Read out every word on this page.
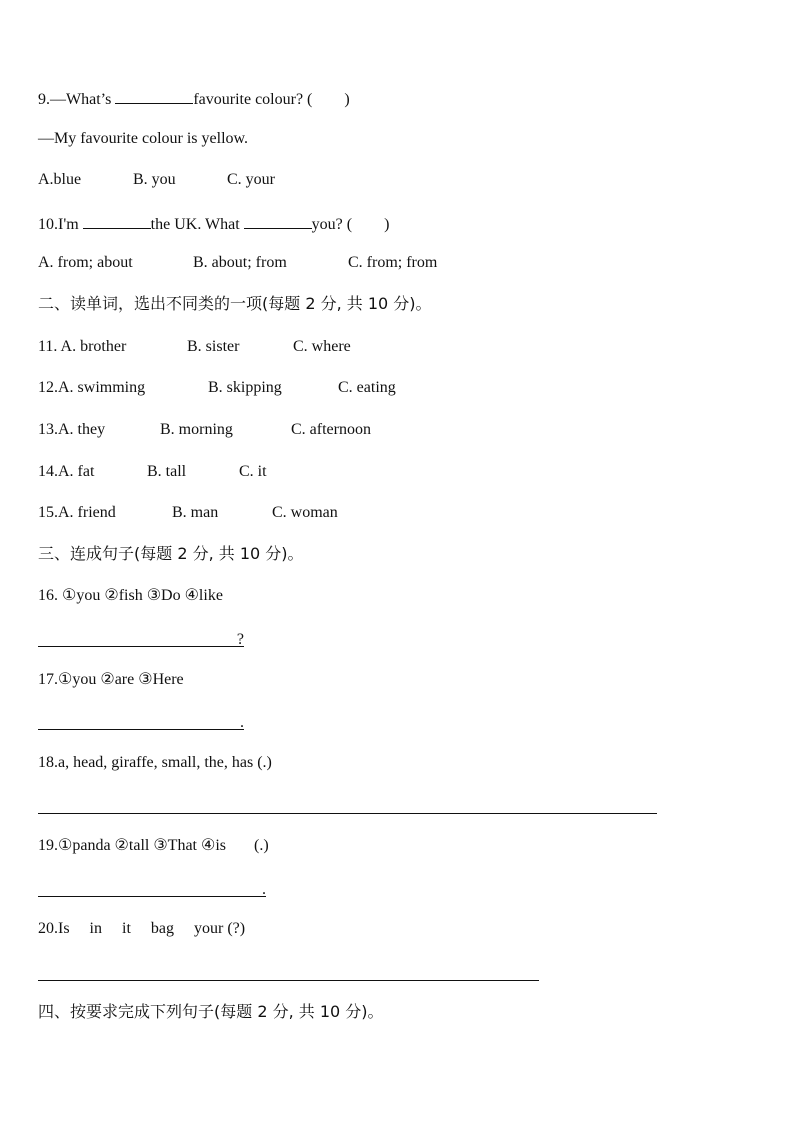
9.—What’s	favourite colour? (        )
—My favourite colour is yellow.
A.blue	B. you	C. your
10.I'm	the UK. What	you? (        )
A. from; about	B. about; from	C. from; from
二、读单词，选出不同类的一项(每题 2 分, 共 10 分)。
11. A. brother	B. sister	C. where
12.A. swimming	B. skipping	C. eating
13.A. they	B. morning	C. afternoon
14.A. fat	B. tall	C. it
15.A. friend	B. man	C. woman
三、连成句子(每题 2 分, 共 10 分)。
16. ①you ②fish ③Do ④like
?
17.①you ②are ③Here
.
18.a, head, giraffe, small, the, has (.)
19.①panda ②tall ③That ④is       (.)
.
20.Is     in     it     bag     your (?)
四、按要求完成下列句子(每题 2 分, 共 10 分)。
